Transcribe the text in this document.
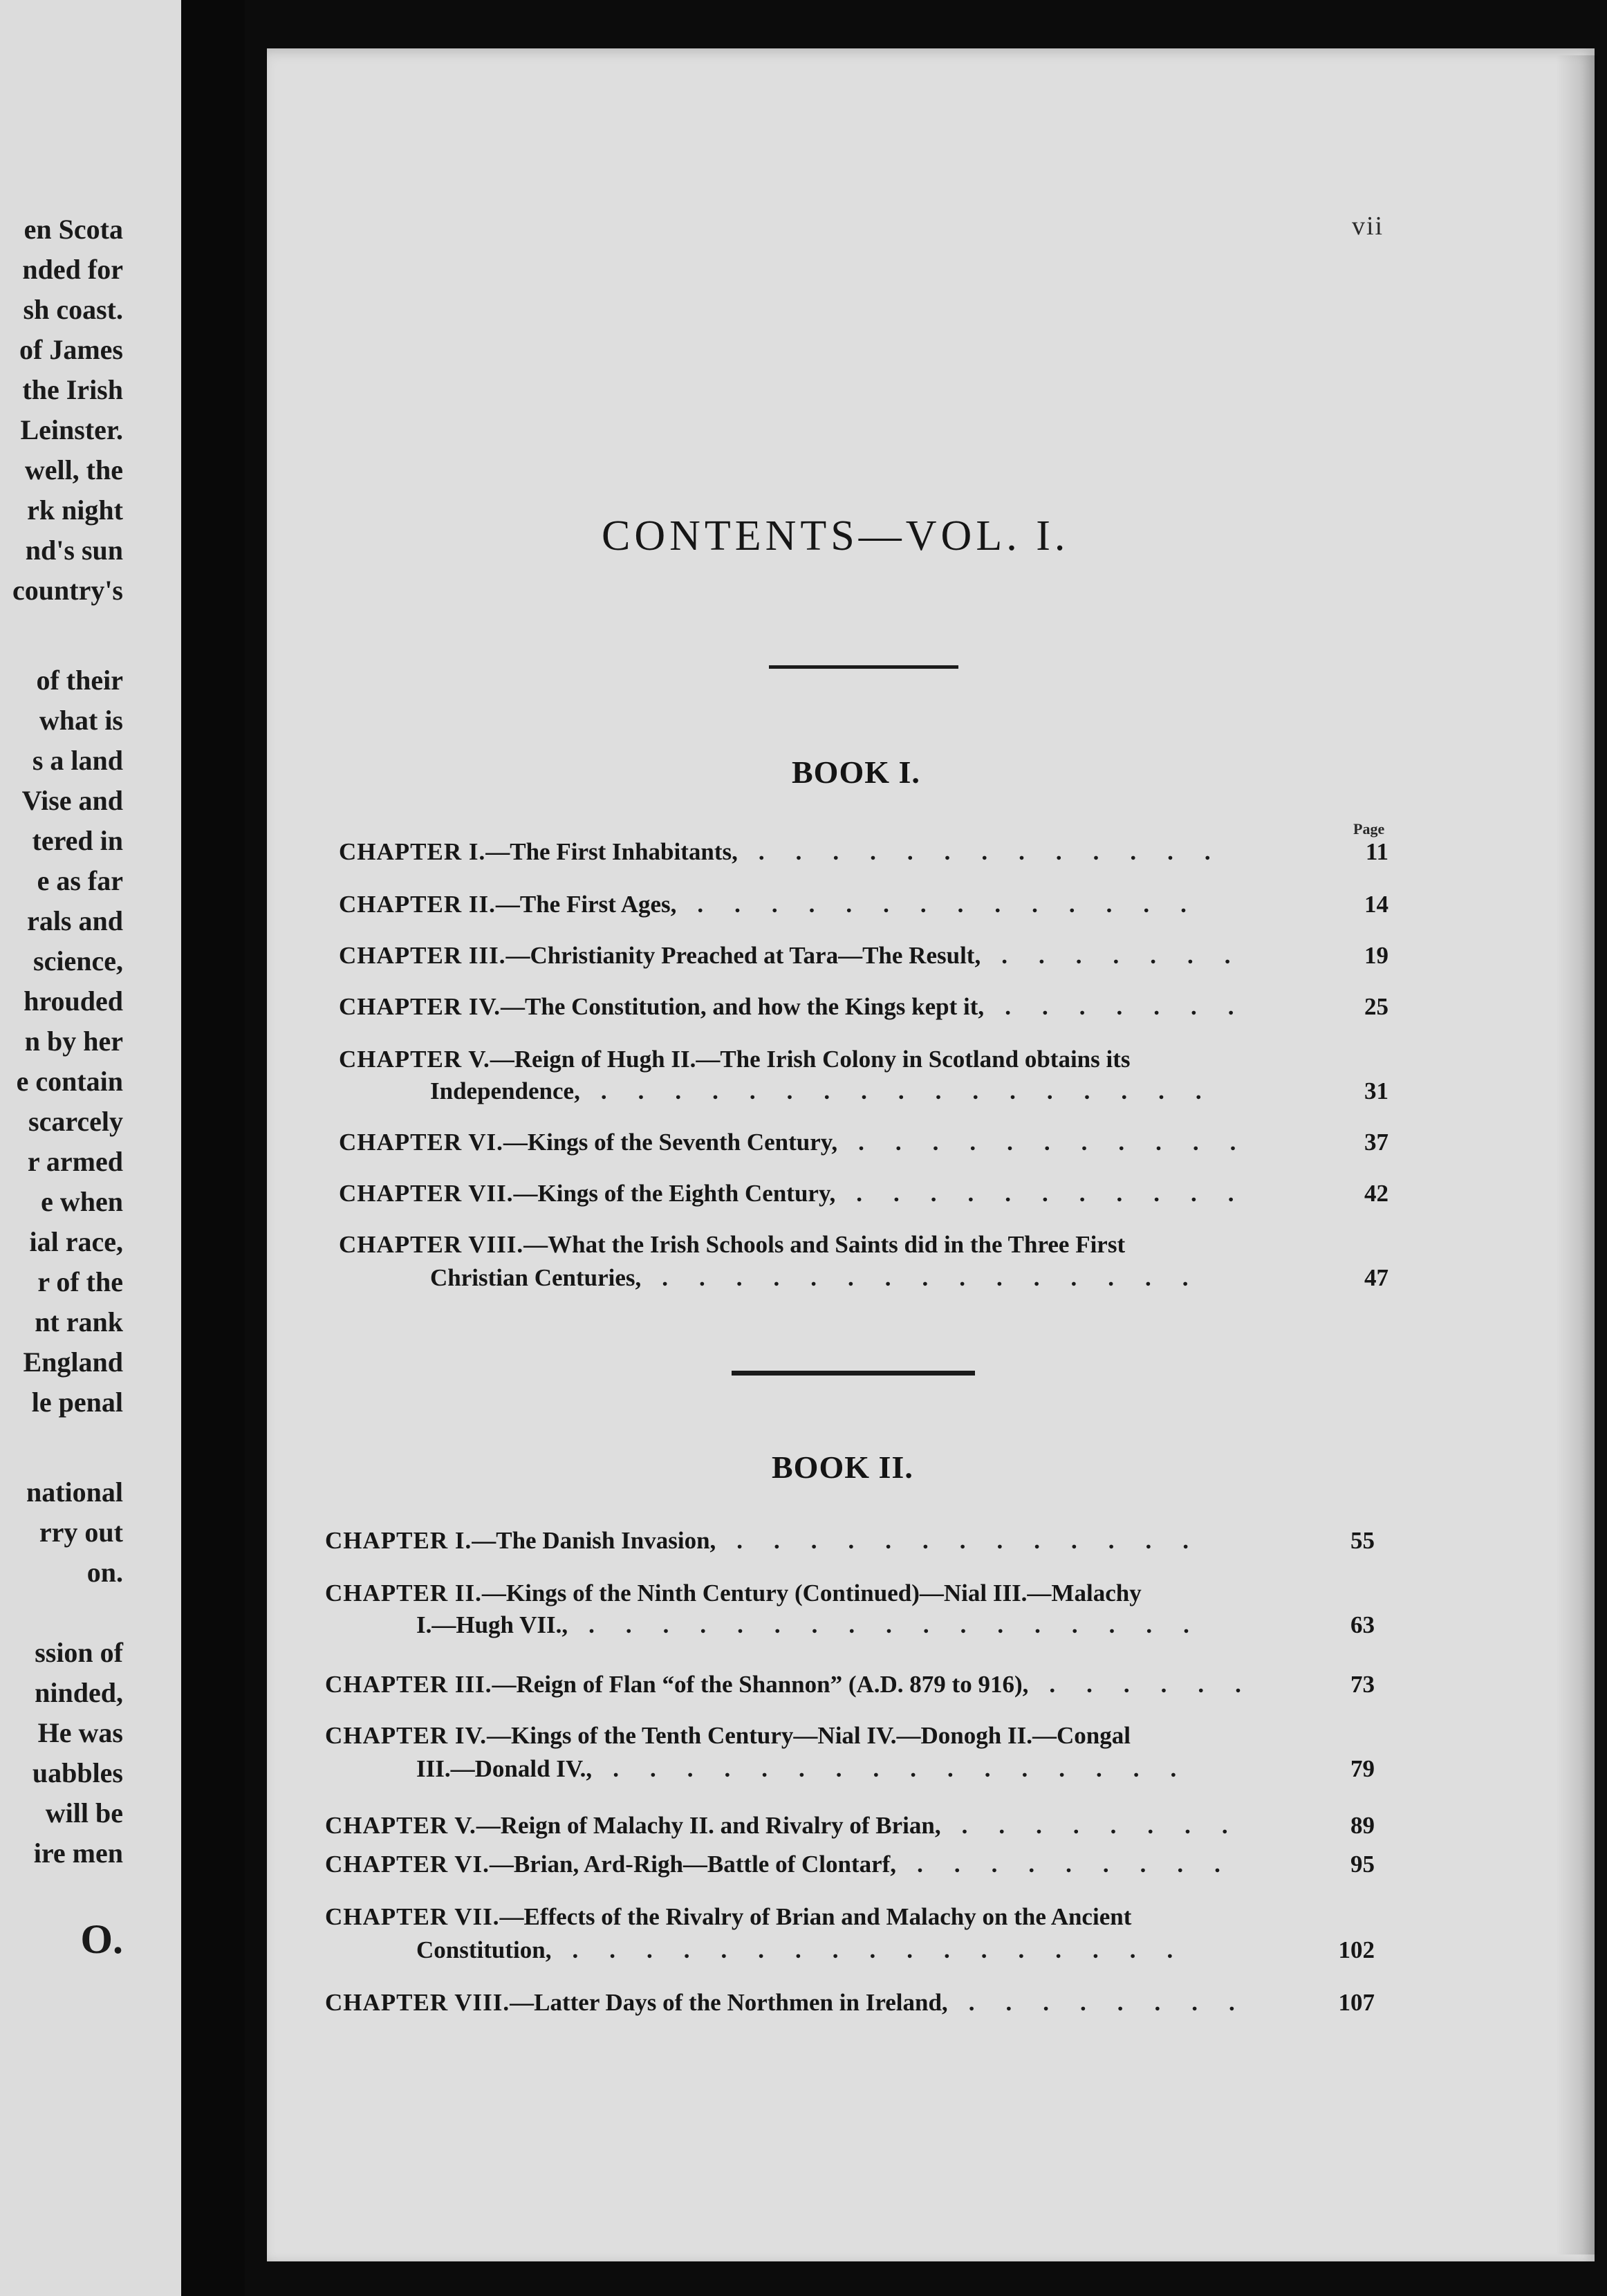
en Scota
nded for
sh coast.
of James
the Irish
Leinster.
well, the
rk night
nd's sun
country's
of their
what is
s a land
Vise and
tered in
e as far
rals and
science,
hrouded
n by her
e contain
scarcely
r armed
e when
ial race,
r of the
nt rank
England
le penal
national
rry out
on.
ssion of
ninded,
He was
uabbles
will be
ire men
O.
vii
CONTENTS—VOL. I.
BOOK I.
Page
CHAPTER I.—The First Inhabitants,	11
.............
CHAPTER II.—The First Ages,	14
..............
CHAPTER III.—Christianity Preached at Tara—The Result,	19
.......
CHAPTER IV.—The Constitution, and how the Kings kept it,	25
.......
CHAPTER V.—Reign of Hugh II.—The Irish Colony in Scotland obtains its
Independence,	31
.................
CHAPTER VI.—Kings of the Seventh Century,	37
...........
CHAPTER VII.—Kings of the Eighth Century,	42
...........
CHAPTER VIII.—What the Irish Schools and Saints did in the Three First
Christian Centuries,	47
...............
BOOK II.
CHAPTER I.—The Danish Invasion,	55
.............
CHAPTER II.—Kings of the Ninth Century (Continued)—Nial III.—Malachy
I.—Hugh VII.,	63
.................
CHAPTER III.—Reign of Flan “of the Shannon” (A.D. 879 to 916),	73
......
CHAPTER IV.—Kings of the Tenth Century—Nial IV.—Donogh II.—Congal
III.—Donald IV.,	79
................
CHAPTER V.—Reign of Malachy II. and Rivalry of Brian,	89
........
CHAPTER VI.—Brian, Ard-Righ—Battle of Clontarf,	95
.........
CHAPTER VII.—Effects of the Rivalry of Brian and Malachy on the Ancient
Constitution,	102
.................
CHAPTER VIII.—Latter Days of the Northmen in Ireland,	107
........
